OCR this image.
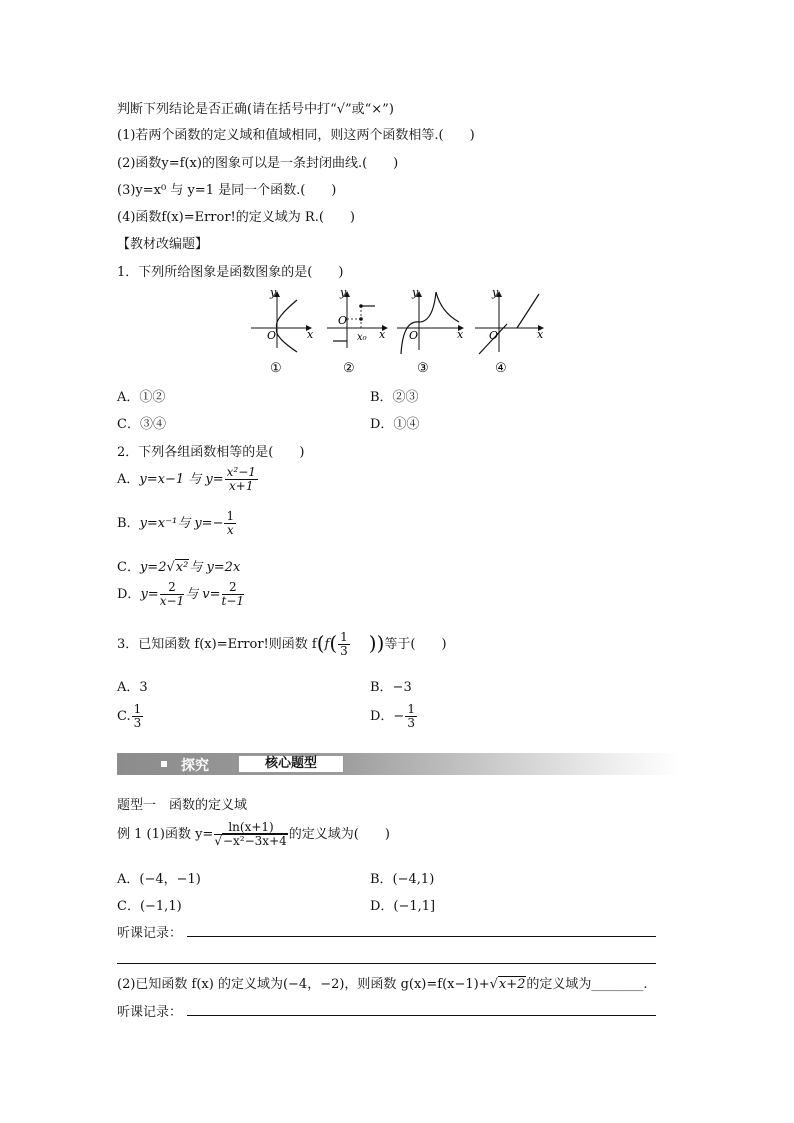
判断下列结论是否正确(请在括号中打“√”或“×”)
(1)若两个函数的定义域和值域相同，则这两个函数相等.(　　)
(2)函数y=f(x)的图象可以是一条封闭曲线.(　　)
(3)y=x⁰ 与 y=1 是同一个函数.(　　)
(4)函数f(x)=Error!的定义域为 R.(　　)
【教材改编题】
1．下列所给图象是函数图象的是(　　)
O	x
y
O
x₀ x
y
O	x
y
O	x
y
①	②	③	④
A．①②	B．②③
C．③④	D．①④
2．下列各组函数相等的是(　　)
A．y=x−1 与 $y= \frac{\text{x²−1}}{x+1}$
B．y=x⁻¹与 $y=- \frac{1}{x}$
C．y=2√x²与 y=2x
D．$y= \frac{2}{x-1}$ 与 $v= \frac{2}{t-1}$
3．已知函数 f(x)=Error!则函数 $f(f( \frac{1}{3}$ ))等于(　　)
A．3	B．−3
C. $\frac{1}{3}$	D．− $\frac{1}{3}$
探究	核心题型
题型一　函数的定义域
例 1 (1)函数 $y= \frac{\ln(x+1)}{\text{√−x²−3x+4}}$ 的定义域为(　　)
A．(−4，−1)	B．(−4,1)
C．(−1,1)	D．(−1,1]
听课记录：
(2)已知函数 f(x) 的定义域为(−4，−2)，则函数 g(x)=f(x−1)+√x+2的定义域为________.
听课记录：
